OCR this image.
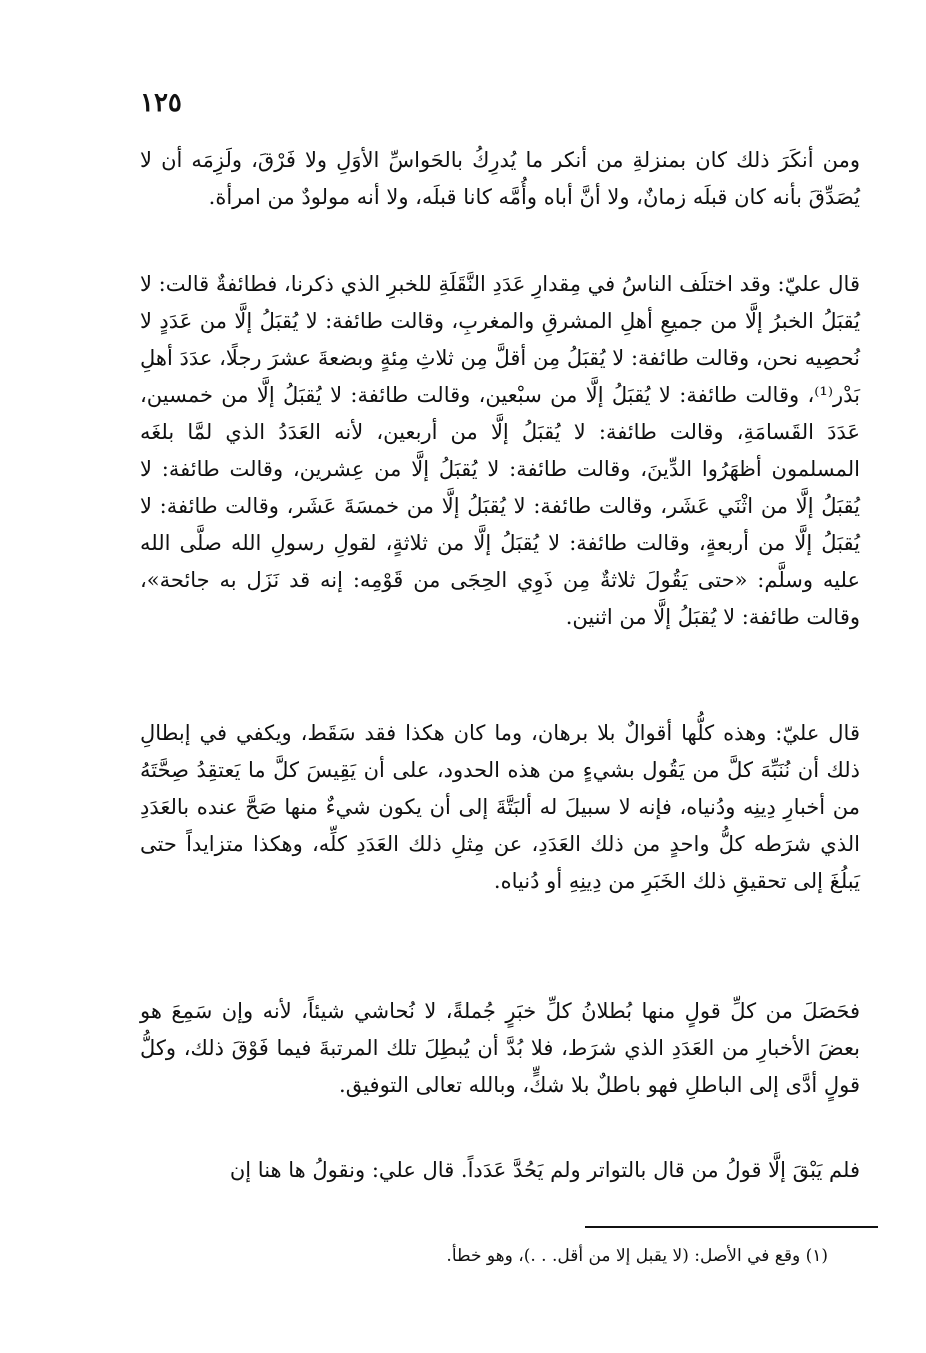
١٢٥

ومن أنكَرَ ذلك كان بمنزلةِ من أنكر ما يُدرِكُ بالحَواسِّ الأوَلِ ولا فَرْقَ، ولَزِمَه أن لا يُصَدِّقَ بأنه كان قبلَه زمانٌ، ولا أنَّ أباه وأُمَّه كانا قبلَه، ولا أنه مولودٌ من امرأة.

قال عليّ: وقد اختلَف الناسُ في مِقدارِ عَدَدِ النَّقَلَةِ للخبرِ الذي ذكرنا، فطائفةٌ قالت: لا يُقبَلُ الخبرُ إلَّا من جميعِ أهلِ المشرقِ والمغربِ، وقالت طائفة: لا يُقبَلُ إلَّا من عَدَدٍ لا نُحصِيه نحن، وقالت طائفة: لا يُقبَلُ مِن أقلَّ مِن ثلاثِ مِئةٍ وبضعةَ عشرَ رجلًا، عدَدَ أهلِ بَدْر⁽¹⁾، وقالت طائفة: لا يُقبَلُ إلَّا من سبْعين، وقالت طائفة: لا يُقبَلُ إلَّا من خمسين، عَدَدَ القَسامَةِ، وقالت طائفة: لا يُقبَلُ إلَّا من أربعين، لأنه العَدَدُ الذي لمَّا بلغَه المسلمون أظهَرُوا الدِّينَ، وقالت طائفة: لا يُقبَلُ إلَّا من عِشرين، وقالت طائفة: لا يُقبَلُ إلَّا من اثْنَي عَشَر، وقالت طائفة: لا يُقبَلُ إلَّا من خمسَةَ عَشَر، وقالت طائفة: لا يُقبَلُ إلَّا من أربعةٍ، وقالت طائفة: لا يُقبَلُ إلَّا من ثلاثةٍ، لقولِ رسولِ الله صلَّى الله عليه وسلَّم: «حتى يَقُولَ ثلاثةٌ مِن ذَوِي الحِجَى من قَوْمِه: إنه قد نَزَل به جائحة»، وقالت طائفة: لا يُقبَلُ إلَّا من اثنين.

قال عليّ: وهذه كلُّها أقوالٌ بلا برهان، وما كان هكذا فقد سَقَط، ويكفي في إبطالِ ذلك أن نُنَبِّهَ كلَّ من يَقُول بشيءٍ من هذه الحدود، على أن يَقِيسَ كلَّ ما يَعتقِدُ صِحَّتَهُ من أخبارِ دِينِه ودُنياه، فإنه لا سبيلَ له ألبَتَّةَ إلى أن يكون شيءٌ منها صَحَّ عنده بالعَدَدِ الذي شرَطه كلُّ واحدٍ من ذلك العَدَدِ، عن مِثلِ ذلك العَدَدِ كلِّه، وهكذا متزايداً حتى يَبلُغَ إلى تحقيقِ ذلك الخَبَرِ من دِينِهِ أو دُنياه.

فحَصَلَ من كلِّ قولٍ منها بُطلانُ كلِّ خبَرٍ جُملةً، لا نُحاشي شيئاً، لأنه وإن سَمِعَ هو بعضَ الأخبارِ من العَدَدِ الذي شرَط، فلا بُدَّ أن يُبطِلَ تلك المرتبةَ فيما فَوْقَ ذلك، وكلُّ قولٍ أدَّى إلى الباطلِ فهو باطلٌ بلا شكٍّ، وبالله تعالى التوفيق.

فلم يَبْقَ إلَّا قولُ من قال بالتواتر ولم يَحُدَّ عَدَداً. قال علي: ونقولُ ها هنا إن

(١) وقع في الأصل: (لا يقبل إلا من أقل. . .)، وهو خطأ.
